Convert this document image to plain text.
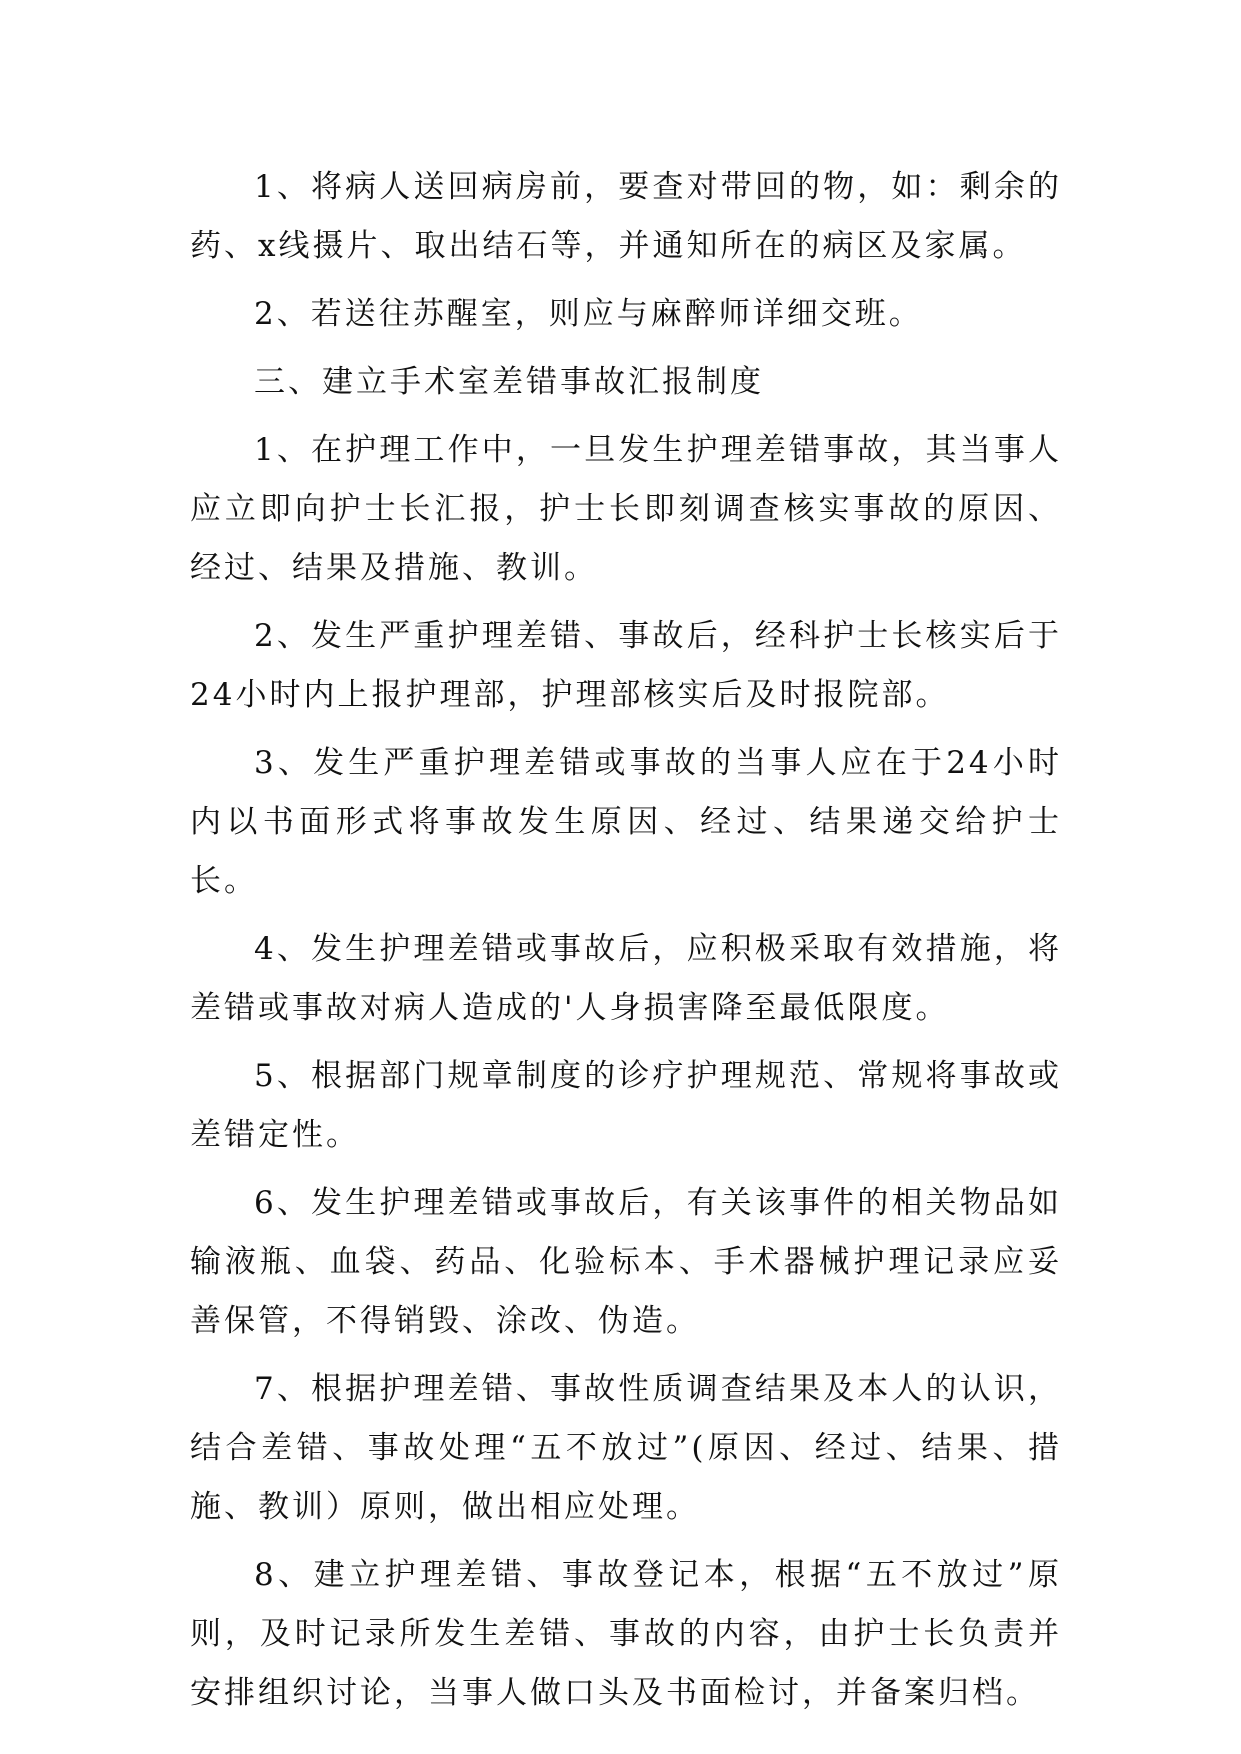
1、将病人送回病房前，要查对带回的物，如：剩余的药、x线摄片、取出结石等，并通知所在的病区及家属。

2、若送往苏醒室，则应与麻醉师详细交班。

三、建立手术室差错事故汇报制度

1、在护理工作中，一旦发生护理差错事故，其当事人应立即向护士长汇报，护士长即刻调查核实事故的原因、经过、结果及措施、教训。

2、发生严重护理差错、事故后，经科护士长核实后于24小时内上报护理部，护理部核实后及时报院部。

3、发生严重护理差错或事故的当事人应在于24小时内以书面形式将事故发生原因、经过、结果递交给护士长。

4、发生护理差错或事故后，应积极采取有效措施，将差错或事故对病人造成的'人身损害降至最低限度。

5、根据部门规章制度的诊疗护理规范、常规将事故或差错定性。

6、发生护理差错或事故后，有关该事件的相关物品如输液瓶、血袋、药品、化验标本、手术器械护理记录应妥善保管，不得销毁、涂改、伪造。

7、根据护理差错、事故性质调查结果及本人的认识，结合差错、事故处理“五不放过”(原因、经过、结果、措施、教训）原则，做出相应处理。

8、建立护理差错、事故登记本，根据“五不放过”原则，及时记录所发生差错、事故的内容，由护士长负责并安排组织讨论，当事人做口头及书面检讨，并备案归档。
